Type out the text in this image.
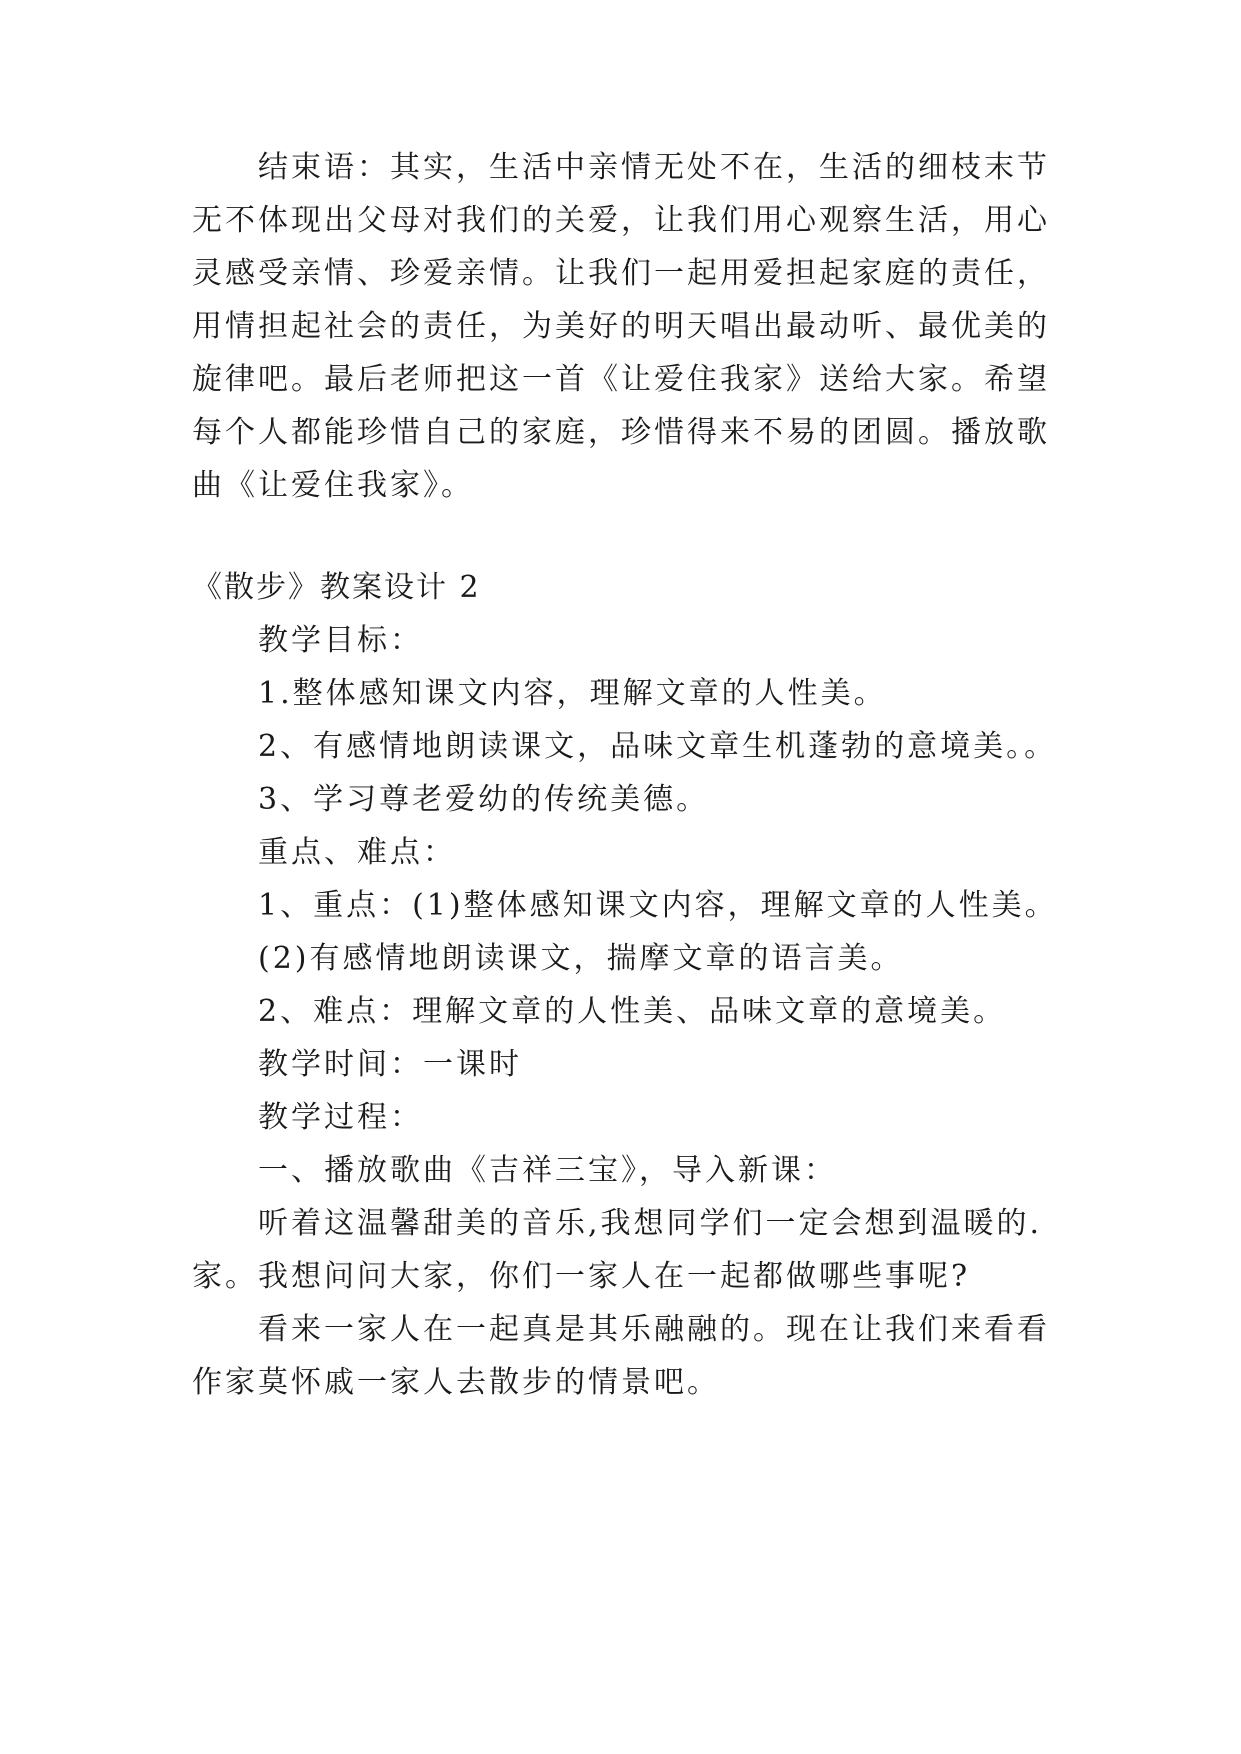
结束语：其实，生活中亲情无处不在，生活的细枝末节

无不体现出父母对我们的关爱，让我们用心观察生活，用心

灵感受亲情、珍爱亲情。让我们一起用爱担起家庭的责任，

用情担起社会的责任，为美好的明天唱出最动听、最优美的

旋律吧。最后老师把这一首《让爱住我家》送给大家。希望

每个人都能珍惜自己的家庭，珍惜得来不易的团圆。播放歌

曲《让爱住我家》。

《散步》教案设计 2

教学目标：

1.整体感知课文内容，理解文章的人性美。

2、有感情地朗读课文，品味文章生机蓬勃的意境美。。

3、学习尊老爱幼的传统美德。

重点、难点：

1、重点：(1)整体感知课文内容，理解文章的人性美。

(2)有感情地朗读课文，揣摩文章的语言美。

2、难点：理解文章的人性美、品味文章的意境美。

教学时间：一课时

教学过程：

一、播放歌曲《吉祥三宝》，导入新课：

听着这温馨甜美的音乐,我想同学们一定会想到温暖的.

家。我想问问大家，你们一家人在一起都做哪些事呢?

看来一家人在一起真是其乐融融的。现在让我们来看看

作家莫怀戚一家人去散步的情景吧。
